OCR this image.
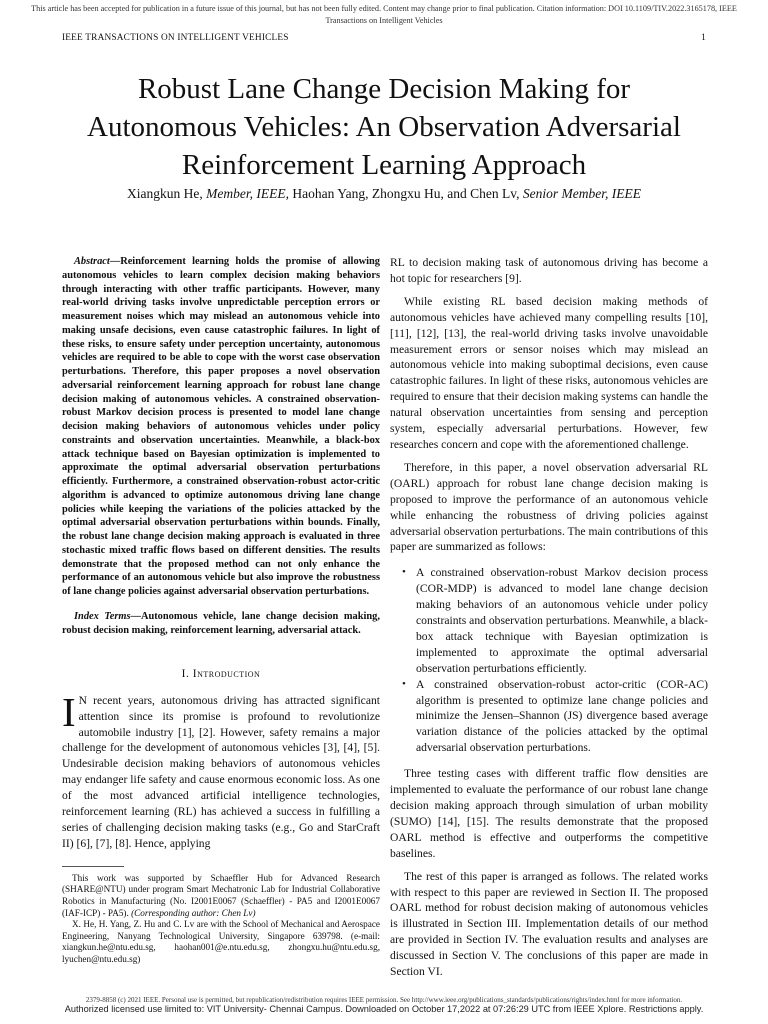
This article has been accepted for publication in a future issue of this journal, but has not been fully edited. Content may change prior to final publication. Citation information: DOI 10.1109/TIV.2022.3165178, IEEE
Transactions on Intelligent Vehicles
IEEE TRANSACTIONS ON INTELLIGENT VEHICLES	1
Robust Lane Change Decision Making for
Autonomous Vehicles: An Observation Adversarial
Reinforcement Learning Approach
Xiangkun He, Member, IEEE, Haohan Yang, Zhongxu Hu, and Chen Lv, Senior Member, IEEE

Abstract—Reinforcement learning holds the promise of allowing autonomous vehicles to learn complex decision making behaviors through interacting with other traffic participants. However, many real-world driving tasks involve unpredictable perception errors or measurement noises which may mislead an autonomous vehicle into making unsafe decisions, even cause catastrophic failures. In light of these risks, to ensure safety under perception uncertainty, autonomous vehicles are required to be able to cope with the worst case observation perturbations. Therefore, this paper proposes a novel observation adversarial reinforcement learning approach for robust lane change decision making of autonomous vehicles. A constrained observation-robust Markov decision process is presented to model lane change decision making behaviors of autonomous vehicles under policy constraints and observation uncertainties. Meanwhile, a black-box attack technique based on Bayesian optimization is implemented to approximate the optimal adversarial observation perturbations efficiently. Furthermore, a constrained observation-robust actor-critic algorithm is advanced to optimize autonomous driving lane change policies while keeping the variations of the policies attacked by the optimal adversarial observation perturbations within bounds. Finally, the robust lane change decision making approach is evaluated in three stochastic mixed traffic flows based on different densities. The results demonstrate that the proposed method can not only enhance the performance of an autonomous vehicle but also improve the robustness of lane change policies against adversarial observation perturbations.

Index Terms—Autonomous vehicle, lane change decision making, robust decision making, reinforcement learning, adversarial attack.

I. Introduction

I N recent years, autonomous driving has attracted significant attention since its promise is profound to revolutionize automobile industry [1], [2]. However, safety remains a major challenge for the development of autonomous vehicles [3], [4], [5]. Undesirable decision making behaviors of autonomous vehicles may endanger life safety and cause enormous economic loss. As one of the most advanced artificial intelligence technologies, reinforcement learning (RL) has achieved a success in fulfilling a series of challenging decision making tasks (e.g., Go and StarCraft II) [6], [7], [8]. Hence, applying

This work was supported by Schaeffler Hub for Advanced Research (SHARE@NTU) under program Smart Mechatronic Lab for Industrial Collaborative Robotics in Manufacturing (No. I2001E0067 (Schaeffler) - PA5 and I2001E0067 (IAF-ICP) - PA5). (Corresponding author: Chen Lv)

X. He, H. Yang, Z. Hu and C. Lv are with the School of Mechanical and Aerospace Engineering, Nanyang Technological University, Singapore 639798. (e-mail: xiangkun.he@ntu.edu.sg, haohan001@e.ntu.edu.sg, zhongxu.hu@ntu.edu.sg, lyuchen@ntu.edu.sg)

RL to decision making task of autonomous driving has become a hot topic for researchers [9].

While existing RL based decision making methods of autonomous vehicles have achieved many compelling results [10], [11], [12], [13], the real-world driving tasks involve unavoidable measurement errors or sensor noises which may mislead an autonomous vehicle into making suboptimal decisions, even cause catastrophic failures. In light of these risks, autonomous vehicles are required to ensure that their decision making systems can handle the natural observation uncertainties from sensing and perception system, especially adversarial perturbations. However, few researches concern and cope with the aforementioned challenge.

Therefore, in this paper, a novel observation adversarial RL (OARL) approach for robust lane change decision making is proposed to improve the performance of an autonomous vehicle while enhancing the robustness of driving policies against adversarial observation perturbations. The main contributions of this paper are summarized as follows:

• A constrained observation-robust Markov decision process (COR-MDP) is advanced to model lane change decision making behaviors of an autonomous vehicle under policy constraints and observation perturbations. Meanwhile, a black-box attack technique with Bayesian optimization is implemented to approximate the optimal adversarial observation perturbations efficiently.
• A constrained observation-robust actor-critic (COR-AC) algorithm is presented to optimize lane change policies and minimize the Jensen–Shannon (JS) divergence based average variation distance of the policies attacked by the optimal adversarial observation perturbations.

Three testing cases with different traffic flow densities are implemented to evaluate the performance of our robust lane change decision making approach through simulation of urban mobility (SUMO) [14], [15]. The results demonstrate that the proposed OARL method is effective and outperforms the competitive baselines.

The rest of this paper is arranged as follows. The related works with respect to this paper are reviewed in Section II. The proposed OARL method for robust decision making of autonomous vehicles is illustrated in Section III. Implementation details of our method are provided in Section IV. The evaluation results and analyses are discussed in Section V. The conclusions of this paper are made in Section VI.

2379-8858 (c) 2021 IEEE. Personal use is permitted, but republication/redistribution requires IEEE permission. See http://www.ieee.org/publications_standards/publications/rights/index.html for more information.
Authorized licensed use limited to: VIT University- Chennai Campus. Downloaded on October 17,2022 at 07:26:29 UTC from IEEE Xplore. Restrictions apply.
